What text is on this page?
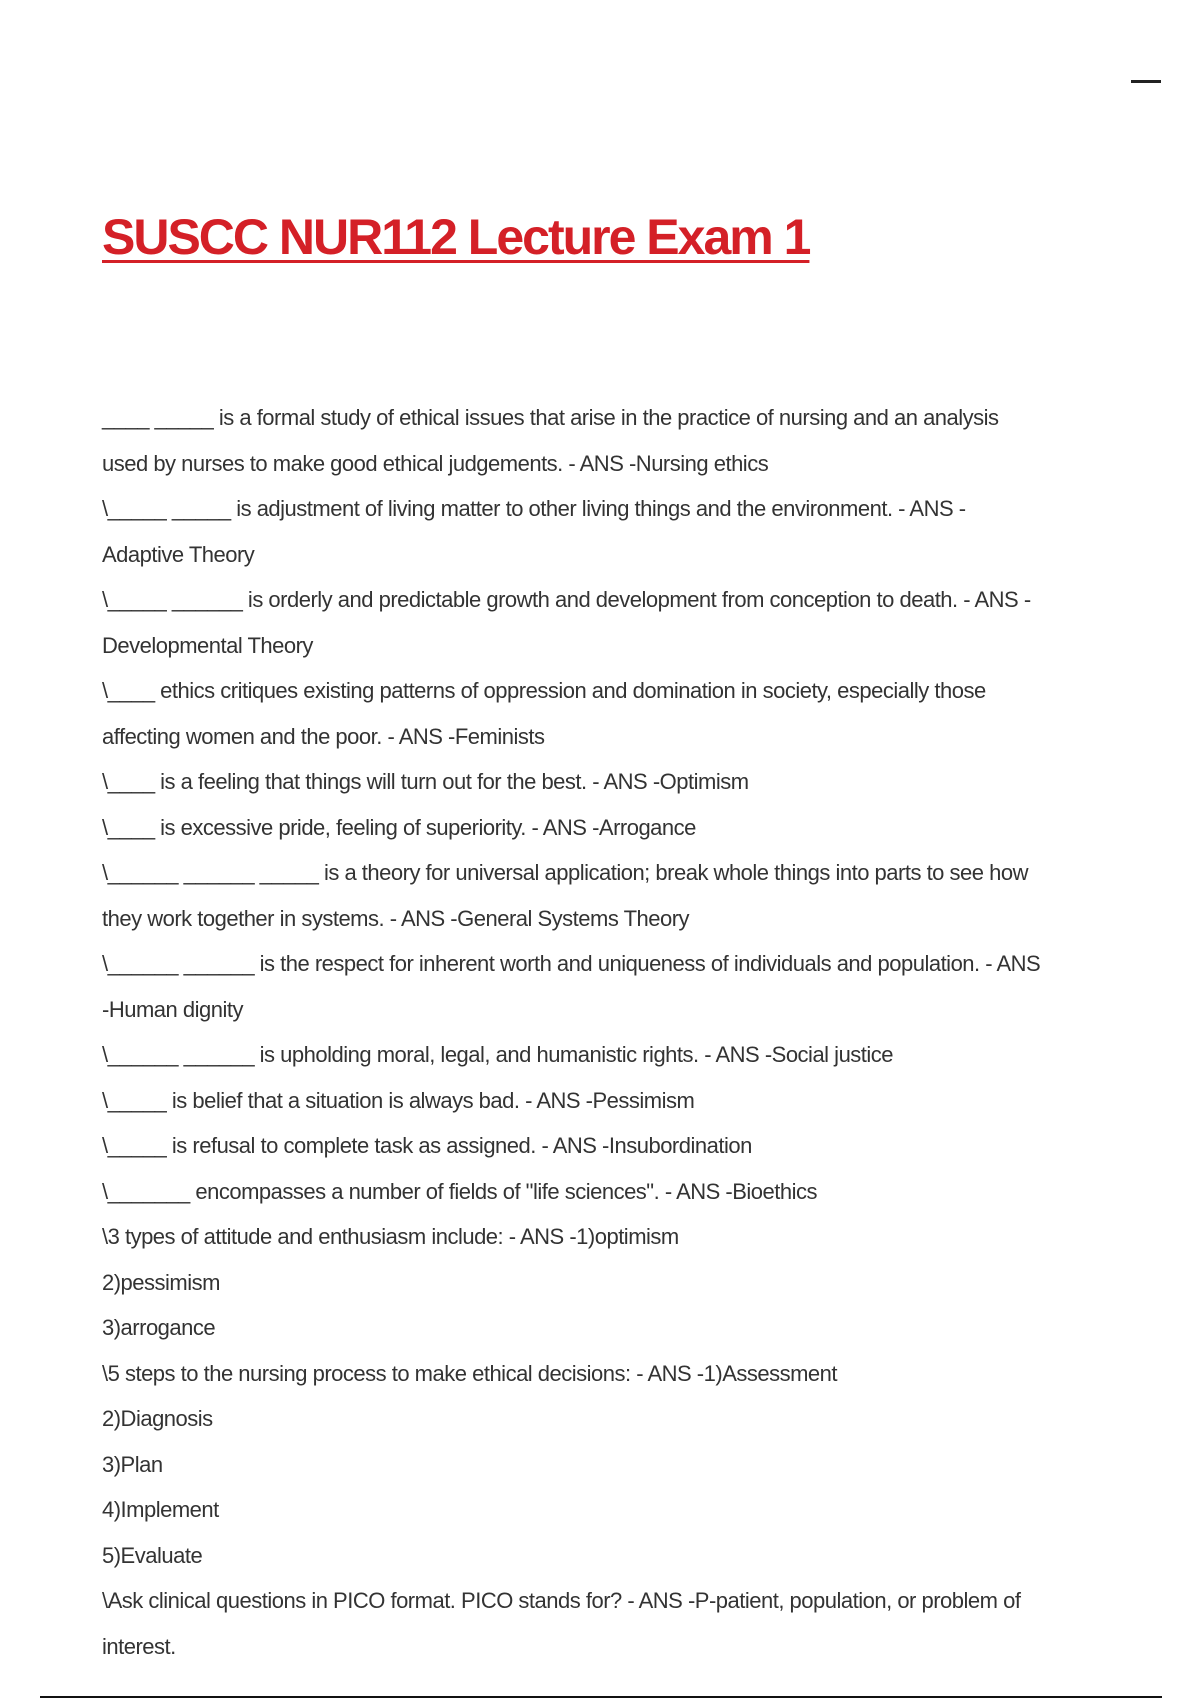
SUSCC NUR112 Lecture Exam 1

____ _____ is a formal study of ethical issues that arise in the practice of nursing and an analysis used by nurses to make good ethical judgements. - ANS -Nursing ethics

\_____ _____ is adjustment of living matter to other living things and the environment. - ANS -Adaptive Theory

\_____ ______ is orderly and predictable growth and development from conception to death. - ANS -Developmental Theory

\____ ethics critiques existing patterns of oppression and domination in society, especially those affecting women and the poor. - ANS -Feminists

\____ is a feeling that things will turn out for the best. - ANS -Optimism

\____ is excessive pride, feeling of superiority. - ANS -Arrogance

\______ ______ _____ is a theory for universal application; break whole things into parts to see how they work together in systems. - ANS -General Systems Theory

\______ ______ is the respect for inherent worth and uniqueness of individuals and population. - ANS -Human dignity

\______ ______ is upholding moral, legal, and humanistic rights. - ANS -Social justice

\_____ is belief that a situation is always bad. - ANS -Pessimism

\_____ is refusal to complete task as assigned. - ANS -Insubordination

\_______ encompasses a number of fields of "life sciences". - ANS -Bioethics

\3 types of attitude and enthusiasm include: - ANS -1)optimism

2)pessimism

3)arrogance

\5 steps to the nursing process to make ethical decisions: - ANS -1)Assessment

2)Diagnosis

3)Plan

4)Implement

5)Evaluate

\Ask clinical questions in PICO format. PICO stands for? - ANS -P-patient, population, or problem of interest.
